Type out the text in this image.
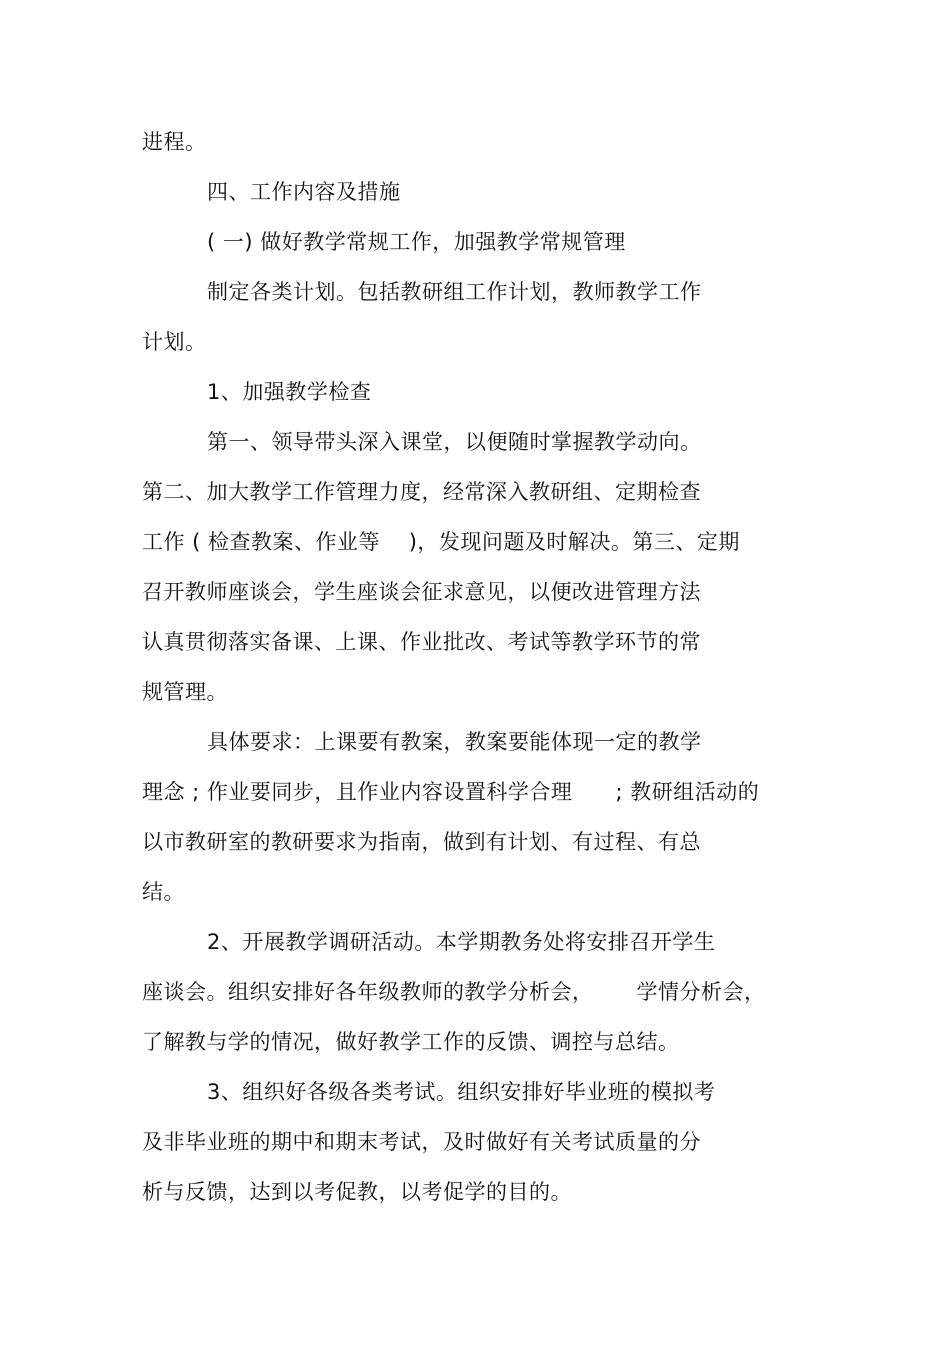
进程。
四、工作内容及措施
( 一) 做好教学常规工作，加强教学常规管理
制定各类计划。包括教研组工作计划，教师教学工作
计划。
1、加强教学检查
第一、领导带头深入课堂，以便随时掌握教学动向。
第二、加大教学工作管理力度，经常深入教研组、定期检查
工作 ( 检查教案、作业等    )，发现问题及时解决。第三、定期
召开教师座谈会，学生座谈会征求意见，以便改进管理方法
认真贯彻落实备课、上课、作业批改、考试等教学环节的常
规管理。
具体要求：上课要有教案，教案要能体现一定的教学
理念 ; 作业要同步，且作业内容设置科学合理      ; 教研组活动的
以市教研室的教研要求为指南，做到有计划、有过程、有总
结。
2、开展教学调研活动。本学期教务处将安排召开学生
座谈会。组织安排好各年级教师的教学分析会，      学情分析会，
了解教与学的情况，做好教学工作的反馈、调控与总结。
3、组织好各级各类考试。组织安排好毕业班的模拟考
及非毕业班的期中和期末考试，及时做好有关考试质量的分
析与反馈，达到以考促教，以考促学的目的。
